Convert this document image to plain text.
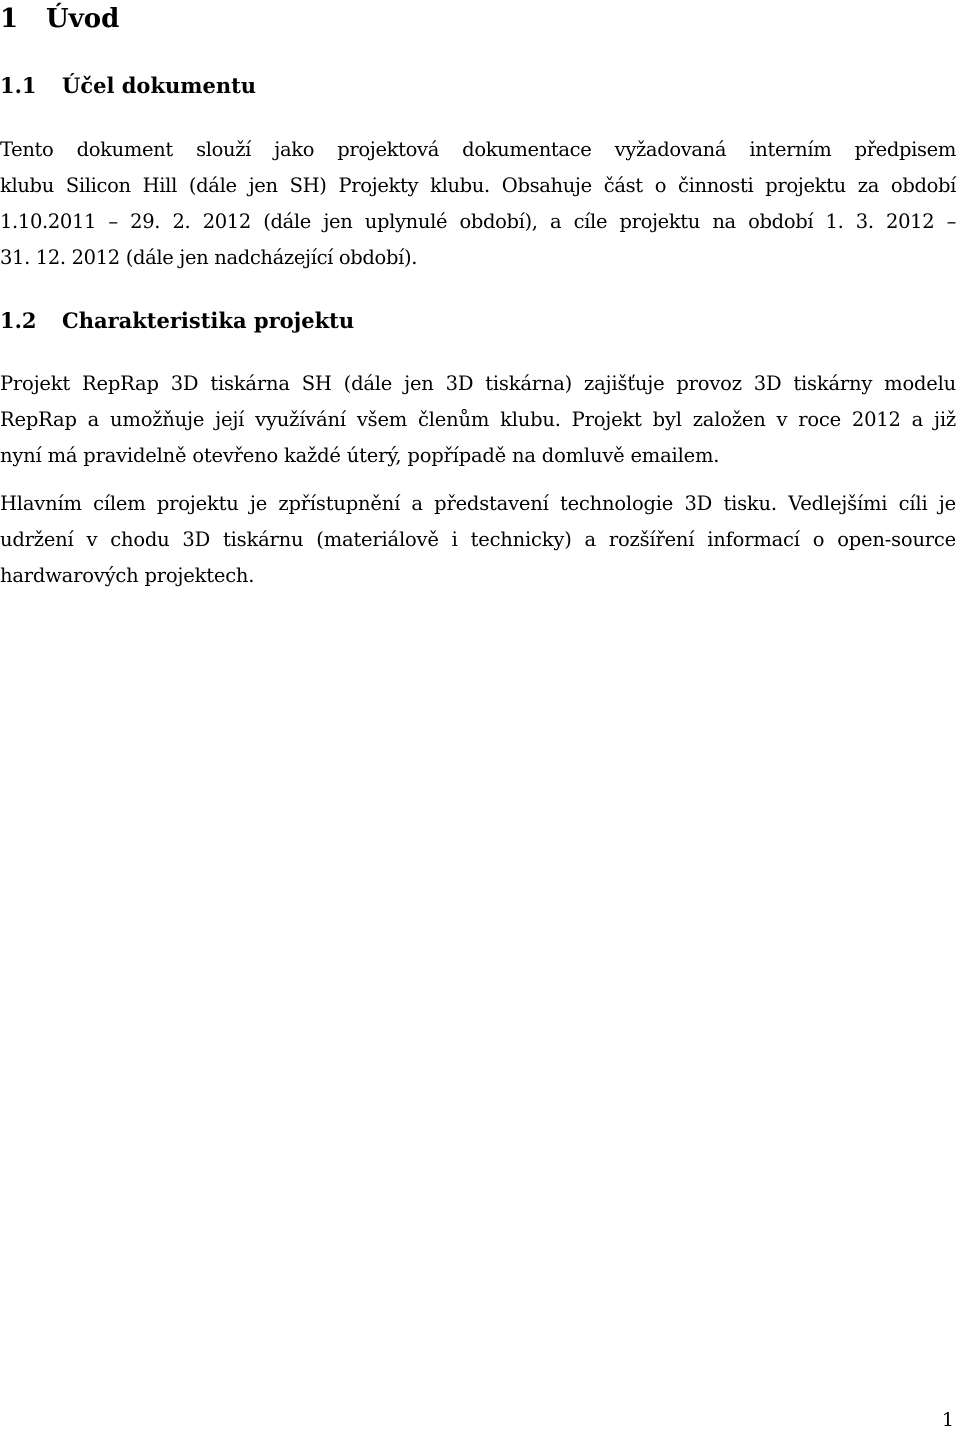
1 Úvod
1.1 Účel dokumentu
Tento dokument slouží jako projektová dokumentace vyžadovaná interním předpisem
klubu Silicon Hill (dále jen SH) Projekty klubu. Obsahuje část o činnosti projektu za období
1.10.2011 – 29. 2. 2012 (dále jen uplynulé období), a cíle projektu na období 1. 3. 2012 –
31. 12. 2012 (dále jen nadcházející období).
1.2 Charakteristika projektu
Projekt RepRap 3D tiskárna SH (dále jen 3D tiskárna) zajišťuje provoz 3D tiskárny modelu
RepRap a umožňuje její využívání všem členům klubu. Projekt byl založen v roce 2012 a již
nyní má pravidelně otevřeno každé úterý, popřípadě na domluvě emailem.
Hlavním cílem projektu je zpřístupnění a představení technologie 3D tisku. Vedlejšími cíli je
udržení v chodu 3D tiskárnu (materiálově i technicky) a rozšíření informací o open-source
hardwarových projektech.
1
